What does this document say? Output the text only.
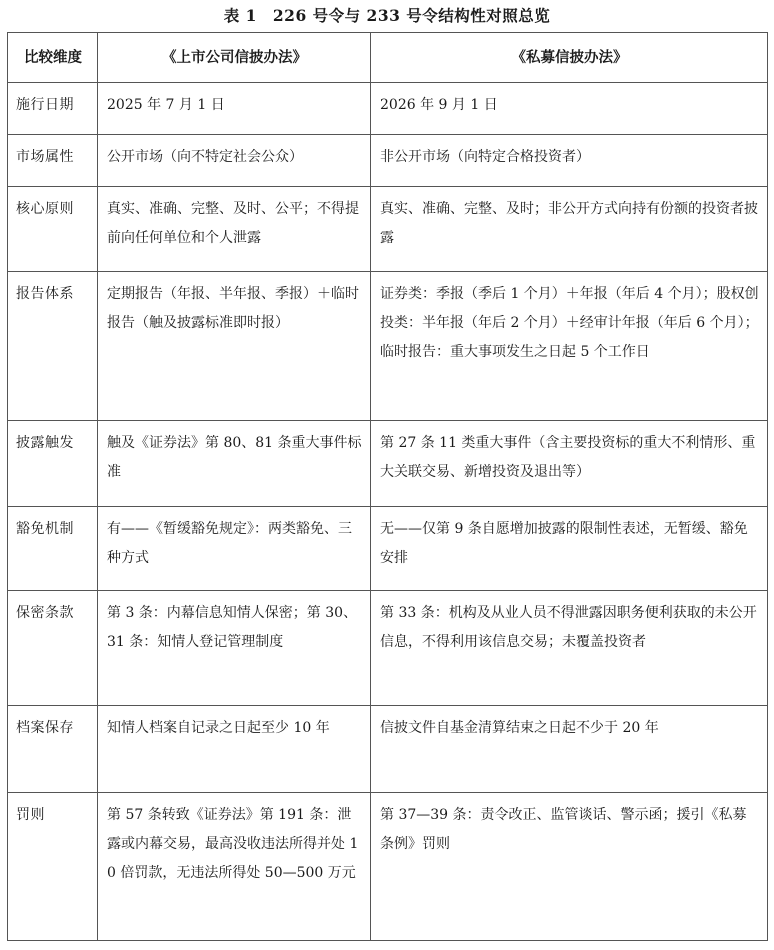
表 1　226 号令与 233 号令结构性对照总览
比较维度	《上市公司信披办法》	《私募信披办法》
施行日期	2025 年 7 月 1 日	2026 年 9 月 1 日
市场属性	公开市场（向不特定社会公众）	非公开市场（向特定合格投资者）
核心原则	真实、准确、完整、及时、公平；不得提前向任何单位和个人泄露	真实、准确、完整、及时；非公开方式向持有份额的投资者披露
报告体系	定期报告（年报、半年报、季报）＋临时报告（触及披露标准即时报）	证券类：季报（季后 1 个月）＋年报（年后 4 个月）；股权创投类：半年报（年后 2 个月）＋经审计年报（年后 6 个月）；临时报告：重大事项发生之日起 5 个工作日
披露触发	触及《证券法》第 80、81 条重大事件标准	第 27 条 11 类重大事件（含主要投资标的重大不利情形、重大关联交易、新增投资及退出等）
豁免机制	有——《暂缓豁免规定》：两类豁免、三种方式	无——仅第 9 条自愿增加披露的限制性表述，无暂缓、豁免安排
保密条款	第 3 条：内幕信息知情人保密；第 30、31 条：知情人登记管理制度	第 33 条：机构及从业人员不得泄露因职务便利获取的未公开信息，不得利用该信息交易；未覆盖投资者
档案保存	知情人档案自记录之日起至少 10 年	信披文件自基金清算结束之日起不少于 20 年
罚则	第 57 条转致《证券法》第 191 条：泄露或内幕交易，最高没收违法所得并处 10 倍罚款，无违法所得处 50—500 万元	第 37—39 条：责令改正、监管谈话、警示函；援引《私募条例》罚则
